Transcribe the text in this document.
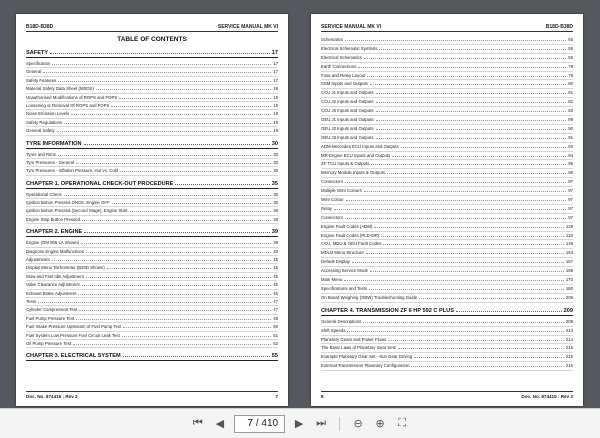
B18D-B38D	SERVICE MANUAL MK VI
TABLE OF CONTENTS
SAFETY	17
Specification	17
General	17
Safety Features	17
Material Safety Data Sheet (MSDS)	18
Unauthorised Modifications of ROPS and FOPS	18
Loosening or Removal Of ROPS and FOPS	18
Noise Emission Levels	18
Safety Regulations	19
General Safety	19
TYRE INFORMATION	30
Tyres and Rims	30
Tyre Pressures - General	30
Tyre Pressures - Inflation Pressure, Hot vs. Cold	30
CHAPTER 1. OPERATIONAL CHECK-OUT PROCEDURE	35
Operational Check	35
Ignition Button Pressed ONCE, Engine OFF	35
Ignition Button Pressed (Second Stage), Engine Start	36
Engine Stop Button Pressed	38
CHAPTER 2. ENGINE	39
Engine (OM 906 LA Shown)	39
Diagnose Engine Malfunctions	40
Adjustments	45
Display Menu Tachometer (B20D Shown)	45
Slow and Fast Idle Adjustment	45
Valve Clearance Adjustment	46
Exhaust Brake Adjustment	46
Tests	47
Cylinder Compression Test	47
Fuel Pump Pressure Test	48
Fuel Intake Pressure Upstream of Fuel Pump Test	50
Fuel System Low Pressure Fuel Circuit Leak Test	51
Oil Pump Pressure Test	52
CHAPTER 3. ELECTRICAL SYSTEM	55
Doc. No. 874415 : Rev 2	7
SERVICE MANUAL MK VI	B18D-B38D
Schematics	55
Electrical Schematic Symbols	55
Electrical Schematics	56
Earth Connections	79
Fuse and Relay Layout	79
SSM Inputs and Outputs	80
CCU J1 Inputs and Outputs	81
CCU J2 Inputs and Outputs	82
CCU J3 Inputs and Outputs	83
OEU J1 Inputs and Outputs	89
OEU J2 Inputs and Outputs	90
OEU J3 Inputs and Outputs	91
ADM-Mercedes ECU Inputs and Outputs	93
MR-Engine ECU Inputs and Outputs	94
ZF TCU Inputs & Outputs	95
Memory Module Inputs & Outputs	96
Connectors	97
Multiple Wire Colours	97
Wire Colour	97
Relay	97
Connectors	97
Engine Fault Codes (ADM)	129
Engine Fault Codes (PLD-MR)	133
CCU, MDU & OEU Fault Codes	149
MDU3 Menu Structure	164
Default Display	167
Accessing Service Mode	168
Main Menu	170
Specifications and Tests	180
On Board Weighing (OBW) Troubleshooting Guide	206
CHAPTER 4. TRANSMISSION ZF 6 HP 592 C PLUS	209
General Descriptions	209
Shift Speeds	213
Planetary Gears and Power Flows	214
The Basic Laws of Planetary Gear Sets	215
Example Planetary Gear Set - Sun Gear Driving	215
External Transmission Planetary Configuration	216
8	Doc. No. 874415 : Rev 2
⏮	◀
7	/ 410	▶	⏭	⊖	⊕	⛶
